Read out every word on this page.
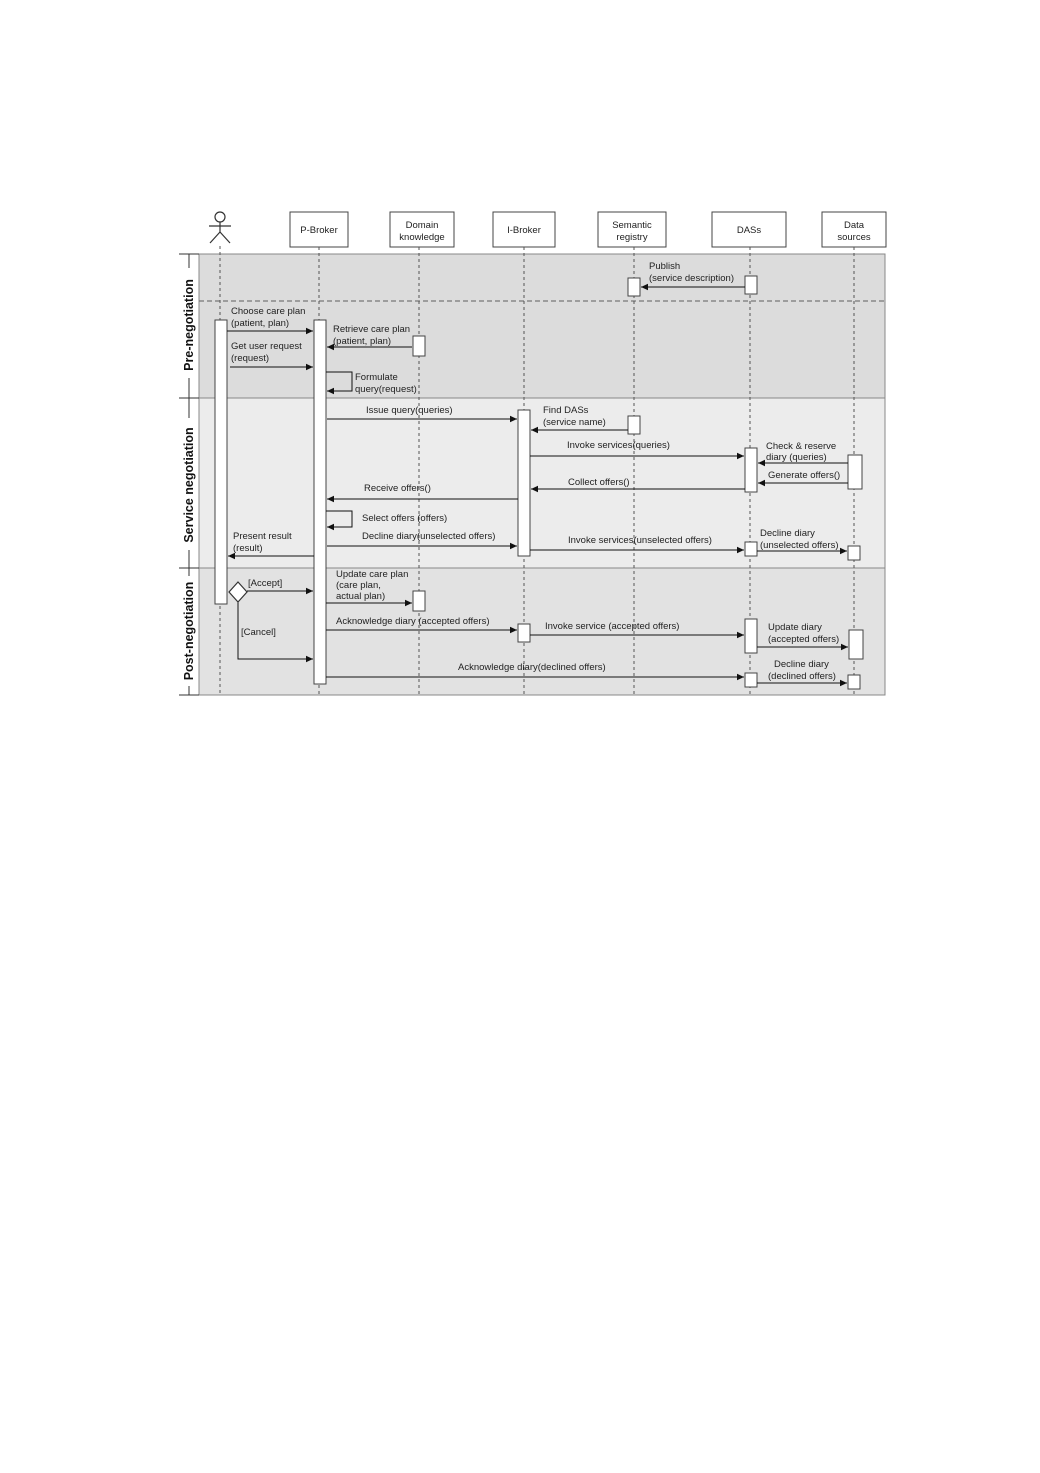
Pre-negotiation
Service negotiation
Post-negotiation
P-Broker	Domain
knowledge
I-Broker	Semantic
registry
DASs	Data
sources
Publish
(service description)
Choose care plan
(patient, plan)
Retrieve care plan
(patient, plan)
Get user request
(request)
Formulate
query(request)
Issue query(queries)	Find DASs
(service name)
Invoke services(queries)	Check & reserve
diary (queries)
Generate offers()
Collect offers()
Receive offers()
Select offers (offers)
Present result
(result)
Decline diary(unselected offers)	Invoke services(unselected offers)
Decline diary
(unselected offers)
[Accept]
Update care plan
(care plan,
actual plan)
Acknowledge diary (accepted offers)	Invoke service (accepted offers)	Update diary
(accepted offers)
[Cancel]
Acknowledge diary(declined offers)	Decline diary
(declined offers)
